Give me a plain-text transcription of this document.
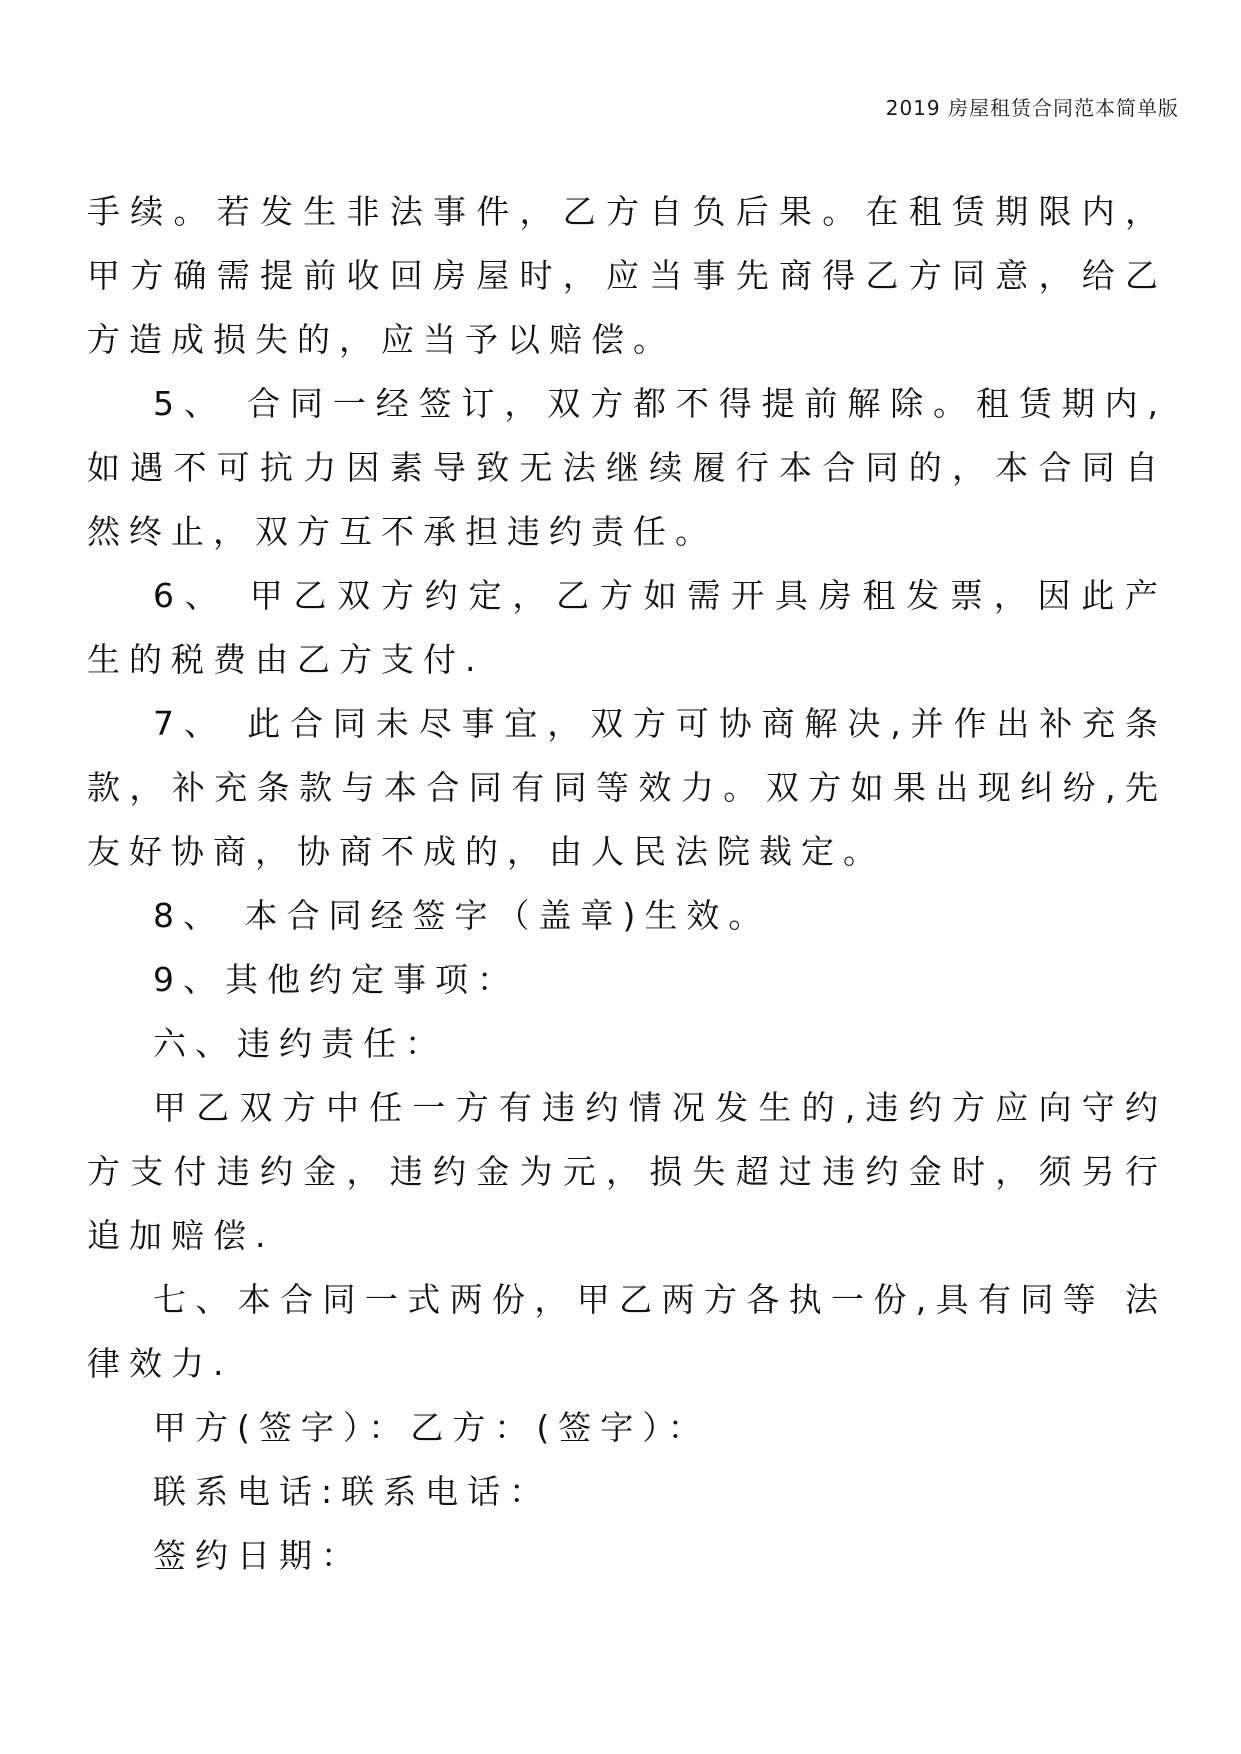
2019 房屋租赁合同范本简单版

手续。若发生非法事件，乙方自负后果。在租赁期限内，甲方确需提前收回房屋时，应当事先商得乙方同意，给乙方造成损失的，应当予以赔偿。

5、 合同一经签订，双方都不得提前解除。租赁期内,如遇不可抗力因素导致无法继续履行本合同的，本合同自然终止，双方互不承担违约责任。

6、 甲乙双方约定，乙方如需开具房租发票，因此产生的税费由乙方支付.

7、 此合同未尽事宜，双方可协商解决,并作出补充条款，补充条款与本合同有同等效力。双方如果出现纠纷,先友好协商，协商不成的，由人民法院裁定。

8、 本合同经签字（盖章)生效。

9、其他约定事项：

六、违约责任：

甲乙双方中任一方有违约情况发生的,违约方应向守约方支付违约金，违约金为元，损失超过违约金时，须另行追加赔偿.

七、本合同一式两份，甲乙两方各执一份,具有同等 法律效力.

甲方(签字）：乙方：(签字）：

联系电话:联系电话：

签约日期：
